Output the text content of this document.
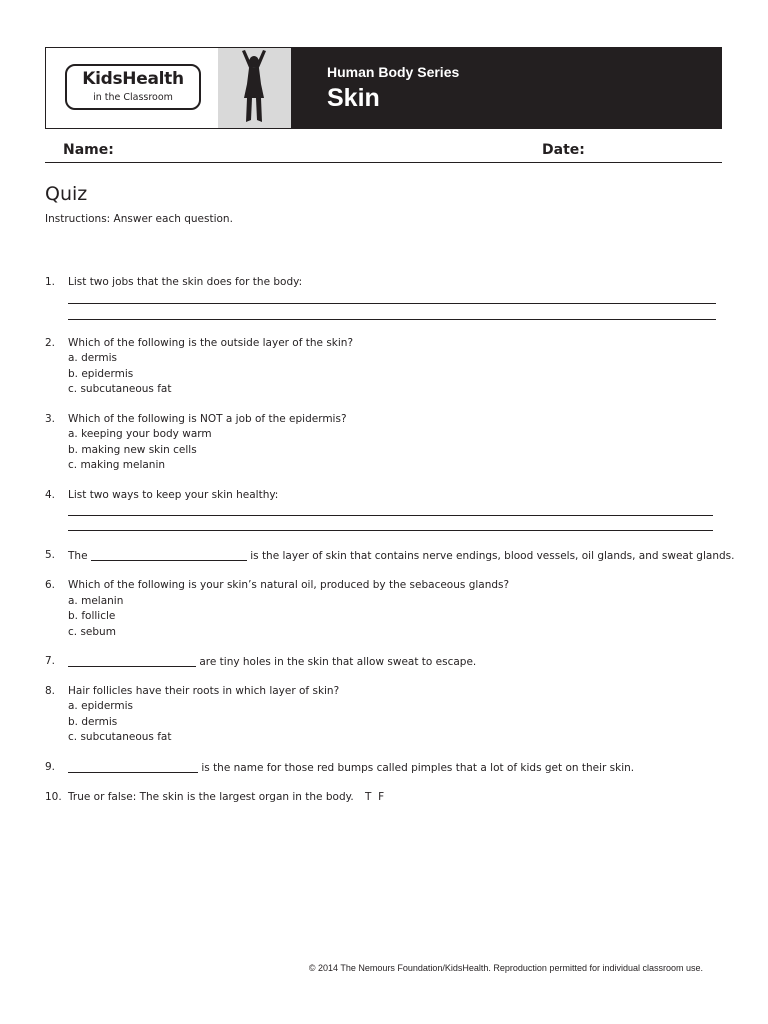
KidsHealth
in the Classroom
Human Body Series
Skin
Name:	Date:
Quiz
Instructions: Answer each question.
1. List two jobs that the skin does for the body:
2. Which of the following is the outside layer of the skin?
a. dermis
b. epidermis
c. subcutaneous fat
3. Which of the following is NOT a job of the epidermis?
a. keeping your body warm
b. making new skin cells
c. making melanin
4. List two ways to keep your skin healthy:
5. The	is the layer of skin that contains nerve endings, blood vessels, oil glands, and sweat glands.
6. Which of the following is your skin’s natural oil, produced by the sebaceous glands?
a. melanin
b. follicle
c. sebum
7.	are tiny holes in the skin that allow sweat to escape.
8. Hair follicles have their roots in which layer of skin?
a. epidermis
b. dermis
c. subcutaneous fat
9.	is the name for those red bumps called pimples that a lot of kids get on their skin.
10. True or false: The skin is the largest organ in the body. T  F
© 2014 The Nemours Foundation/KidsHealth. Reproduction permitted for individual classroom use.
